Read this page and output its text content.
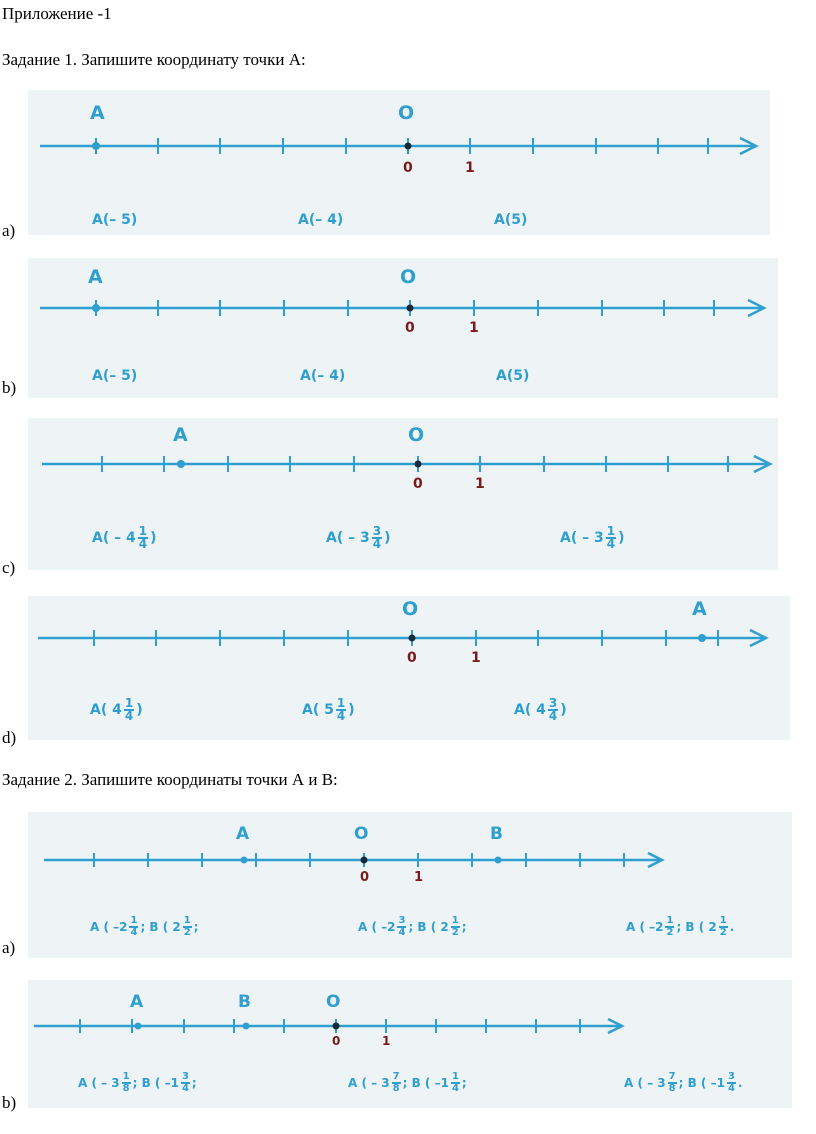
Приложение -1
Задание 1. Запишите координату точки А:
A	O
0	1
A(– 5)	A(– 4)	A(5)
a)
A	O
0	1
A(– 5)	A(– 4)	A(5)
b)
A	O
0	1
$A( - 4 \frac{1}{4}$ )	$A( - 3 \frac{3}{4}$ )	$A( - 3 \frac{1}{4}$ )
c)
A
O
0	1
A( $4 \frac{1}{4}$ )	A( $5 \frac{1}{4}$ )	A( $4 \frac{3}{4}$ )
d)
Задание 2. Запишите координаты точки А и В:
A	O	B
0	1
A ( $-2 \frac{1}{4}$ ; B ( $2 \frac{1}{2}$ ;	A ( $-2 \frac{3}{4}$ ; B ( $2 \frac{1}{2}$ ;	A ( $-2 \frac{1}{2}$ ; B ( $2 \frac{1}{2}$ .
a)
A	B	O
0	1
A ( – $3 \frac{1}{8}$ ; B ( $-1 \frac{3}{4}$ ;	A ( – $3 \frac{7}{8}$ ; B ( $-1 \frac{1}{4}$ ;	A ( – $3 \frac{7}{8}$ ; B ( $-1 \frac{3}{4}$ .
b)
